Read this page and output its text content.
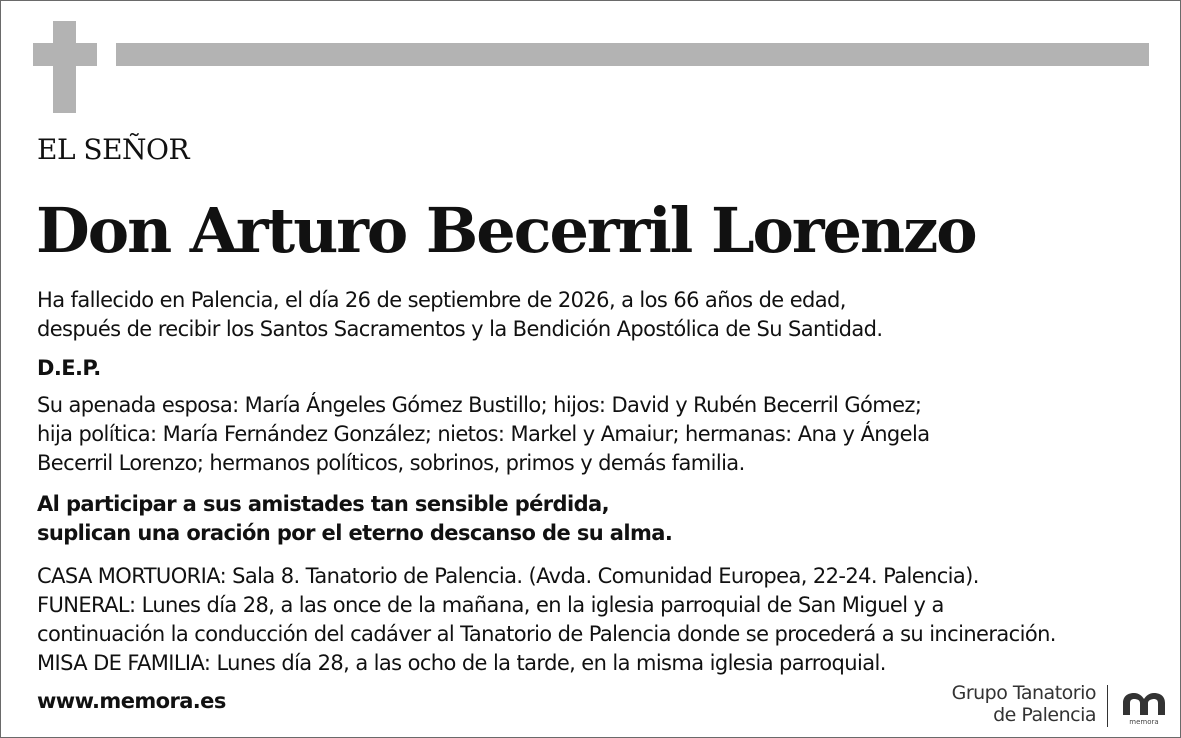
EL SEÑOR
Don Arturo Becerril Lorenzo
Ha fallecido en Palencia, el día 26 de septiembre de 2026, a los 66 años de edad,
después de recibir los Santos Sacramentos y la Bendición Apostólica de Su Santidad.
D.E.P.
Su apenada esposa: María Ángeles Gómez Bustillo; hijos: David y Rubén Becerril Gómez;
hija política: María Fernández González; nietos: Markel y Amaiur; hermanas: Ana y Ángela
Becerril Lorenzo; hermanos políticos, sobrinos, primos y demás familia.
Al participar a sus amistades tan sensible pérdida,
suplican una oración por el eterno descanso de su alma.
CASA MORTUORIA: Sala 8. Tanatorio de Palencia. (Avda. Comunidad Europea, 22-24. Palencia).
FUNERAL: Lunes día 28, a las once de la mañana, en la iglesia parroquial de San Miguel y a
continuación la conducción del cadáver al Tanatorio de Palencia donde se procederá a su incineración.
MISA DE FAMILIA: Lunes día 28, a las ocho de la tarde, en la misma iglesia parroquial.
www.memora.es	Grupo Tanatorio
de Palencia	memora
